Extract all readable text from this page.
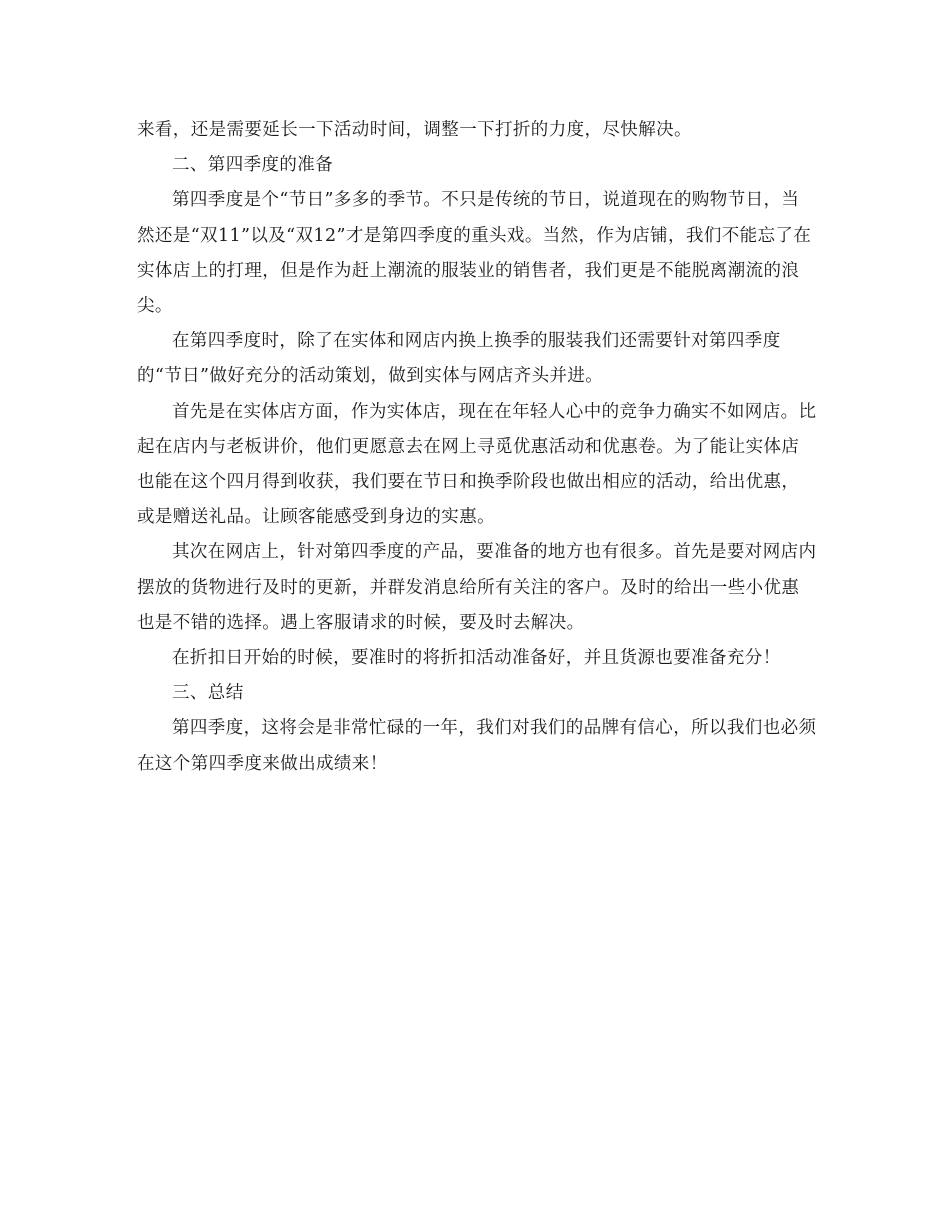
来看，还是需要延长一下活动时间，调整一下打折的力度，尽快解决。

二、第四季度的准备

第四季度是个“节日”多多的季节。不只是传统的节日，说道现在的购物节日，当然还是“双11”以及“双12”才是第四季度的重头戏。当然，作为店铺，我们不能忘了在实体店上的打理，但是作为赶上潮流的服装业的销售者，我们更是不能脱离潮流的浪尖。

在第四季度时，除了在实体和网店内换上换季的服装我们还需要针对第四季度的“节日”做好充分的活动策划，做到实体与网店齐头并进。

首先是在实体店方面，作为实体店，现在在年轻人心中的竞争力确实不如网店。比起在店内与老板讲价，他们更愿意去在网上寻觅优惠活动和优惠卷。为了能让实体店也能在这个四月得到收获，我们要在节日和换季阶段也做出相应的活动，给出优惠，或是赠送礼品。让顾客能感受到身边的实惠。

其次在网店上，针对第四季度的产品，要准备的地方也有很多。首先是要对网店内摆放的货物进行及时的更新，并群发消息给所有关注的客户。及时的给出一些小优惠也是不错的选择。遇上客服请求的时候，要及时去解决。

在折扣日开始的时候，要准时的将折扣活动准备好，并且货源也要准备充分！

三、总结

第四季度，这将会是非常忙碌的一年，我们对我们的品牌有信心，所以我们也必须在这个第四季度来做出成绩来！
